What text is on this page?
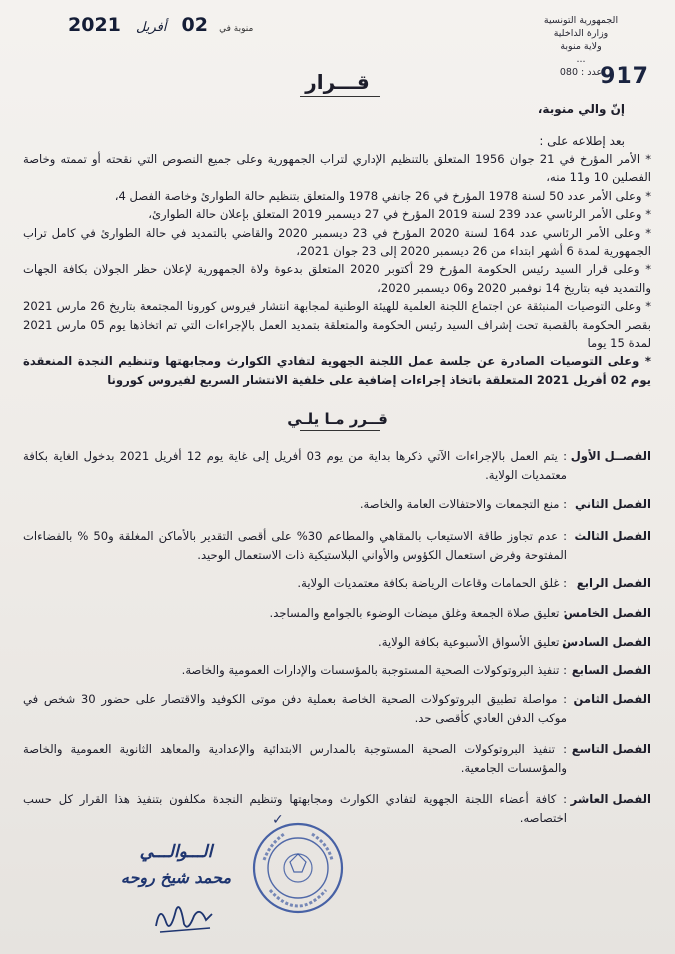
الجمهورية التونسية
وزارة الداخلية
ولاية منوبة
...
عدد : 080
917
منوبة في 02 أفريل 2021
قـــرار
إنّ والي منوبة،
بعد إطلاعه على :

* الأمر المؤرخ في 21 جوان 1956 المتعلق بالتنظيم الإداري لتراب الجمهورية وعلى جميع النصوص التي نقحته أو تممته وخاصة الفصلين 10 و11 منه،

* وعلى الأمر عدد 50 لسنة 1978 المؤرخ في 26 جانفي 1978 والمتعلق بتنظيم حالة الطوارئ وخاصة الفصل 4،

* وعلى الأمر الرئاسي عدد 239 لسنة 2019 المؤرخ في 27 ديسمبر 2019 المتعلق بإعلان حالة الطوارئ،

* وعلى الأمر الرئاسي عدد 164 لسنة 2020 المؤرخ في 23 ديسمبر 2020 والقاضي بالتمديد في حالة الطوارئ في كامل تراب الجمهورية لمدة 6 أشهر ابتداء من 26 ديسمبر 2020 إلى 23 جوان 2021،

* وعلى قرار السيد رئيس الحكومة المؤرخ 29 أكتوبر 2020 المتعلق بدعوة ولاة الجمهورية لإعلان حظر الجولان بكافة الجهات والتمديد فيه بتاريخ 14 نوفمبر 2020 و06 ديسمبر 2020،

* وعلى التوصيات المنبثقة عن اجتماع اللجنة العلمية للهيئة الوطنية لمجابهة انتشار فيروس كورونا المجتمعة بتاريخ 26 مارس 2021 بقصر الحكومة بالقصبة تحت إشراف السيد رئيس الحكومة والمتعلقة بتمديد العمل بالإجراءات التي تم اتخاذها يوم 05 مارس 2021 لمدة 15 يوما

* وعلى التوصيات الصادرة عن جلسة عمل اللجنة الجهوية لتفادي الكوارث ومجابهتها وتنظيم النجدة المنعقدة يوم 02 أفريل 2021 المتعلقة باتخاذ إجراءات إضافية على خلفية الانتشار السريع لفيروس كورونا

قــرر مـا يلـي
الفصــل الأول
: يتم العمل بالإجراءات الآتي ذكرها بداية من يوم 03 أفريل إلى غاية يوم 12 أفريل 2021 بدخول الغاية بكافة معتمديات الولاية.
الفصل الثاني
: منع التجمعات والاحتفالات العامة والخاصة.
الفصل الثالث
: عدم تجاوز طاقة الاستيعاب بالمقاهي والمطاعم 30% على أقصى التقدير بالأماكن المغلقة و50 % بالفضاءات المفتوحة وفرض استعمال الكؤوس والأواني البلاستيكية ذات الاستعمال الوحيد.
الفصل الرابع
: غلق الحمامات وقاعات الرياضة بكافة معتمديات الولاية.
الفصل الخامس
: تعليق صلاة الجمعة وغلق ميضات الوضوء بالجوامع والمساجد.
الفصل السادس
: تعليق الأسواق الأسبوعية بكافة الولاية.
الفصل السابع
: تنفيذ البروتوكولات الصحية المستوجبة بالمؤسسات والإدارات العمومية والخاصة.
الفصل الثامن
: مواصلة تطبيق البروتوكولات الصحية الخاصة بعملية دفن موتى الكوفيد والاقتصار على حضور 30 شخص في موكب الدفن العادي كأقصى حد.
الفصل التاسع
: تنفيذ البروتوكولات الصحية المستوجبة بالمدارس الابتدائية والإعدادية والمعاهد الثانوية العمومية والخاصة والمؤسسات الجامعية.
الفصل العاشر
: كافة أعضاء اللجنة الجهوية لتفادي الكوارث ومجابهتها وتنظيم النجدة مكلفون بتنفيذ هذا القرار كل حسب اختصاصه.
✓
الـــوالـــي
محمد شيخ روحه
